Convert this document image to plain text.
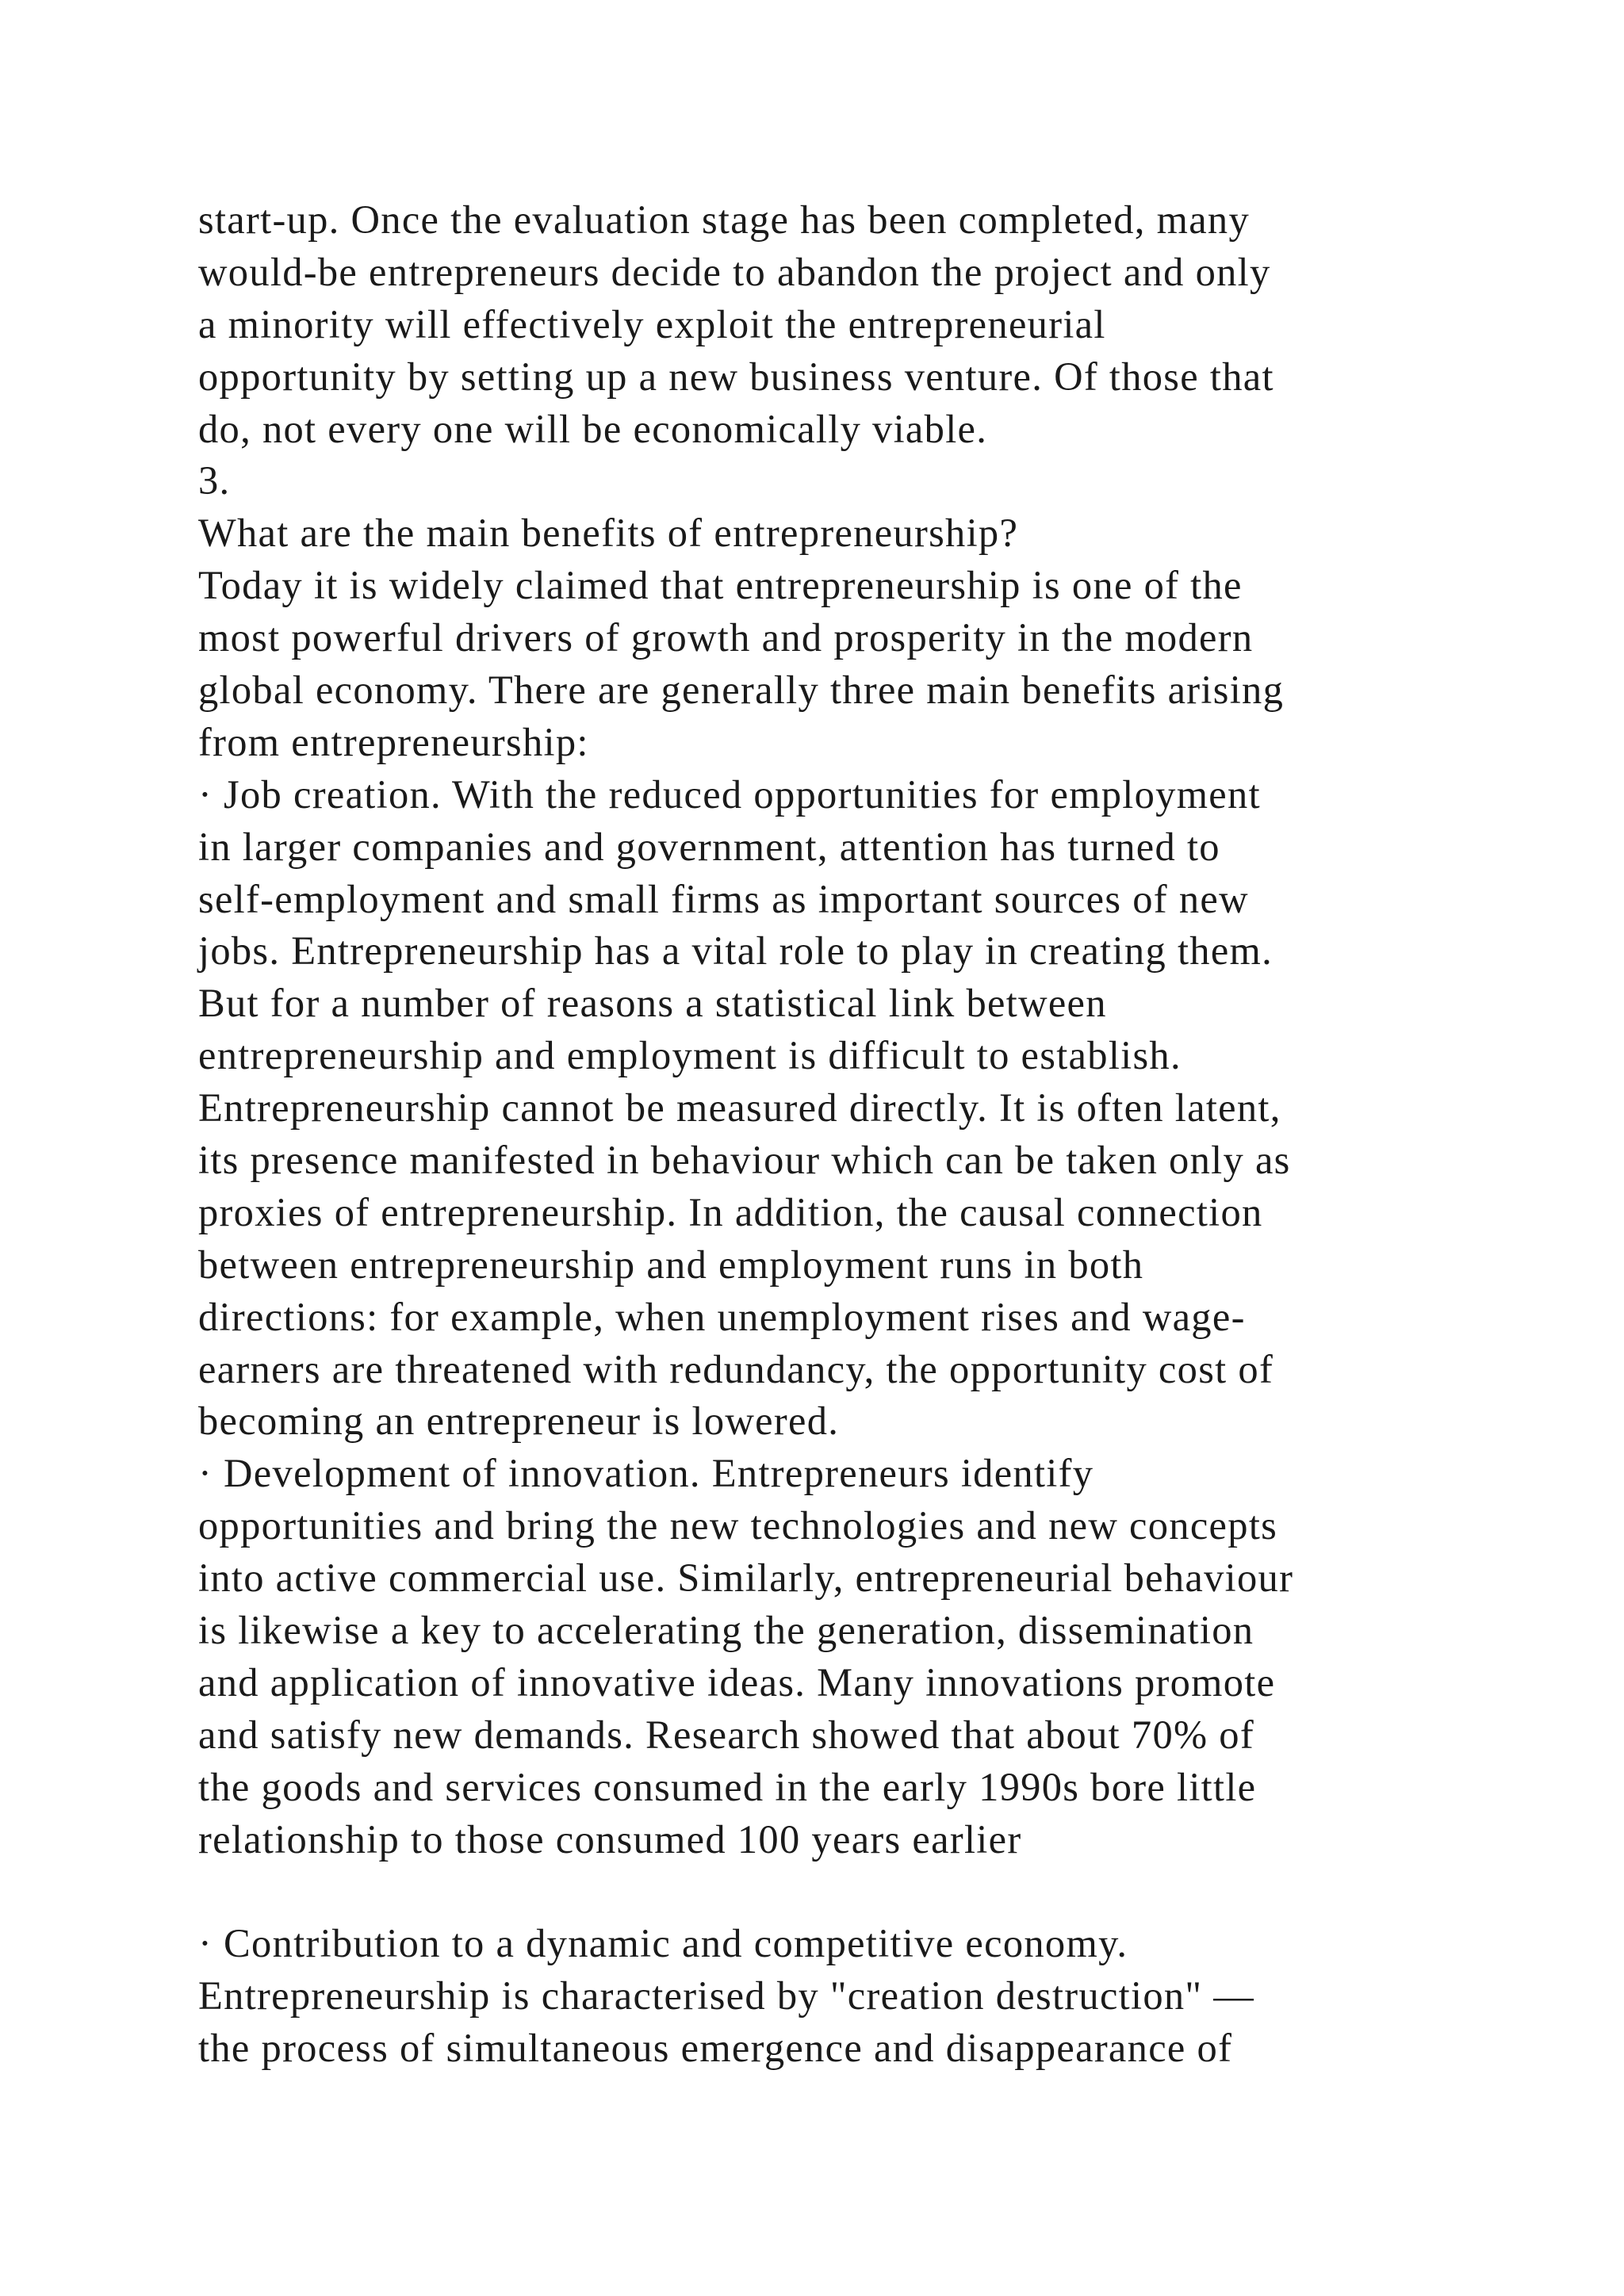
start-up. Once the evaluation stage has been completed, many
would-be entrepreneurs decide to abandon the project and only
a minority will effectively exploit the entrepreneurial
opportunity by setting up a new business venture. Of those that
do, not every one will be economically viable.
3.
What are the main benefits of entrepreneurship?
Today it is widely claimed that entrepreneurship is one of the
most powerful drivers of growth and prosperity in the modern
global economy. There are generally three main benefits arising
from entrepreneurship:
· Job creation. With the reduced opportunities for employment
in larger companies and government, attention has turned to
self-employment and small firms as important sources of new
jobs. Entrepreneurship has a vital role to play in creating them.
But for a number of reasons a statistical link between
entrepreneurship and employment is difficult to establish.
Entrepreneurship cannot be measured directly. It is often latent,
its presence manifested in behaviour which can be taken only as
proxies of entrepreneurship. In addition, the causal connection
between entrepreneurship and employment runs in both
directions: for example, when unemployment rises and wage-
earners are threatened with redundancy, the opportunity cost of
becoming an entrepreneur is lowered.
· Development of innovation. Entrepreneurs identify
opportunities and bring the new technologies and new concepts
into active commercial use. Similarly, entrepreneurial behaviour
is likewise a key to accelerating the generation, dissemination
and application of innovative ideas. Many innovations promote
and satisfy new demands. Research showed that about 70% of
the goods and services consumed in the early 1990s bore little
relationship to those consumed 100 years earlier
· Contribution to a dynamic and competitive economy.
Entrepreneurship is characterised by "creation destruction" —
the process of simultaneous emergence and disappearance of
